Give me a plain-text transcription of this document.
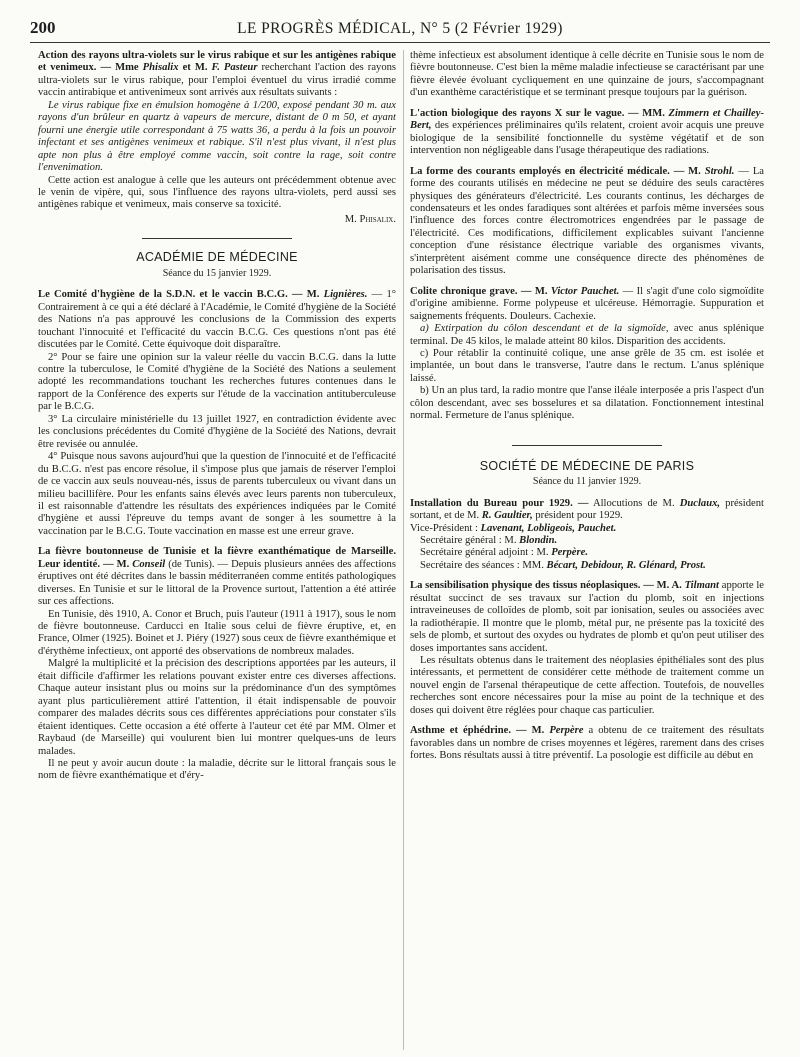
200	LE PROGRÈS MÉDICAL, N° 5 (2 Février 1929)

Action des rayons ultra-violets sur le virus rabique et sur les antigènes rabique et venimeux. — Mme Phisalix et M. F. Pasteur recherchant l'action des rayons ultra-violets sur le virus rabique, pour l'emploi éventuel du virus irradié comme vaccin antirabique et antivenimeux sont arrivés aux résultats suivants :

Le virus rabique fixe en émulsion homogène à 1/200, exposé pendant 30 m. aux rayons d'un brûleur en quartz à vapeurs de mercure, distant de 0 m 50, et ayant fourni une énergie utile correspondant à 75 watts 36, a perdu à la fois un pouvoir infectant et ses antigènes venimeux et rabique. S'il n'est plus vivant, il n'est plus apte non plus à être employé comme vaccin, soit contre la rage, soit contre l'envenimation.

Cette action est analogue à celle que les auteurs ont précédemment obtenue avec le venin de vipère, qui, sous l'influence des rayons ultra-violets, perd aussi ses antigènes rabique et venimeux, mais conserve sa toxicité.

M. Phisalix.

ACADÉMIE DE MÉDECINE

Séance du 15 janvier 1929.

Le Comité d'hygiène de la S.D.N. et le vaccin B.C.G. — M. Lignières. — 1° Contrairement à ce qui a été déclaré à l'Académie, le Comité d'hygiène de la Société des Nations n'a pas approuvé les conclusions de la Commission des experts touchant l'innocuité et l'efficacité du vaccin B.C.G. Ces questions n'ont pas été discutées par le Comité. Cette équivoque doit disparaître.

2° Pour se faire une opinion sur la valeur réelle du vaccin B.C.G. dans la lutte contre la tuberculose, le Comité d'hygiène de la Société des Nations a seulement adopté les recommandations touchant les recherches futures contenues dans le rapport de la Conférence des experts sur l'étude de la vaccination antituberculeuse par le B.C.G.

3° La circulaire ministérielle du 13 juillet 1927, en contradiction évidente avec les conclusions précédentes du Comité d'hygiène de la Société des Nations, devrait être revisée ou annulée.

4° Puisque nous savons aujourd'hui que la question de l'innocuité et de l'efficacité du B.C.G. n'est pas encore résolue, il s'impose plus que jamais de réserver l'emploi de ce vaccin aux seuls nouveau-nés, issus de parents tuberculeux ou vivant dans un milieu bacillifère. Pour les enfants sains élevés avec leurs parents non tuberculeux, il est raisonnable d'attendre les résultats des expériences indiquées par le Comité d'hygiène et aussi l'épreuve du temps avant de songer à les soumettre à la vaccination par le B.C.G. Toute vaccination en masse est une erreur grave.

La fièvre boutonneuse de Tunisie et la fièvre exanthématique de Marseille. Leur identité. — M. Conseil (de Tunis). — Depuis plusieurs années des affections éruptives ont été décrites dans le bassin méditerranéen comme entités pathologiques diverses. En Tunisie et sur le littoral de la Provence surtout, l'attention a été attirée sur ces affections.

En Tunisie, dès 1910, A. Conor et Bruch, puis l'auteur (1911 à 1917), sous le nom de fièvre boutonneuse. Carducci en Italie sous celui de fièvre éruptive, et, en France, Olmer (1925). Boinet et J. Piéry (1927) sous ceux de fièvre exanthémique et d'érythème infectieux, ont apporté des observations de nombreux malades.

Malgré la multiplicité et la précision des descriptions apportées par les auteurs, il était difficile d'affirmer les relations pouvant exister entre ces diverses affections. Chaque auteur insistant plus ou moins sur la prédominance d'un des symptômes ayant plus particulièrement attiré l'attention, il était indispensable de pouvoir comparer des malades décrits sous ces différentes appréciations pour constater s'ils étaient identiques. Cette occasion a été offerte à l'auteur cet été par MM. Olmer et Raybaud (de Marseille) qui voulurent bien lui montrer quelques-uns de leurs malades.

Il ne peut y avoir aucun doute : la maladie, décrite sur le littoral français sous le nom de fièvre exanthématique et d'éry-

thème infectieux est absolument identique à celle décrite en Tunisie sous le nom de fièvre boutonneuse. C'est bien la même maladie infectieuse se caractérisant par une fièvre élevée évoluant cycliquement en une quinzaine de jours, s'accompagnant d'un exanthème caractéristique et se terminant presque toujours par la guérison.

L'action biologique des rayons X sur le vague. — MM. Zimmern et Chailley-Bert, des expériences préliminaires qu'ils relatent, croient avoir acquis une preuve biologique de la sensibilité fonctionnelle du système végétatif et de son intervention non négligeable dans l'usage thérapeutique des radiations.

La forme des courants employés en électricité médicale. — M. Strohl. — La forme des courants utilisés en médecine ne peut se déduire des seuls caractères physiques des générateurs d'électricité. Les courants continus, les décharges de condensateurs et les ondes faradiques sont altérées et parfois même inversées sous l'influence des forces contre électromotrices engendrées par le passage de l'électricité. Ces modifications, difficilement explicables suivant l'ancienne conception d'une résistance électrique variable des organismes vivants, s'interprètent aisément comme une conséquence directe des phénomènes de polarisation des tissus.

Colite chronique grave. — M. Victor Pauchet. — Il s'agit d'une colo sigmoïdite d'origine amibienne. Forme polypeuse et ulcéreuse. Hémorragie. Suppuration et saignements fréquents. Douleurs. Cachexie.

a) Extirpation du côlon descendant et de la sigmoïde, avec anus splénique terminal. De 45 kilos, le malade atteint 80 kilos. Disparition des accidents.

c) Pour rétablir la continuité colique, une anse grêle de 35 cm. est isolée et implantée, un bout dans le transverse, l'autre dans le rectum. L'anus splénique laissé.

b) Un an plus tard, la radio montre que l'anse iléale interposée a pris l'aspect d'un côlon descendant, avec ses bosselures et sa dilatation. Fonctionnement intestinal normal. Fermeture de l'anus splénique.

SOCIÉTÉ DE MÉDECINE DE PARIS

Séance du 11 janvier 1929.

Installation du Bureau pour 1929. — Allocutions de M. Duclaux, président sortant, et de M. R. Gaultier, président pour 1929.

Vice-Président : Lavenant, Lobligeois, Pauchet.

Secrétaire général : M. Blondin.

Secrétaire général adjoint : M. Perpère.

Secrétaire des séances : MM. Bécart, Debidour, R. Glénard, Prost.

La sensibilisation physique des tissus néoplasiques. — M. A. Tilmant apporte le résultat succinct de ses travaux sur l'action du plomb, soit en injections intraveineuses de colloïdes de plomb, soit par ionisation, seules ou associées avec la radiothérapie. Il montre que le plomb, métal pur, ne présente pas la toxicité des sels de plomb, et surtout des oxydes ou hydrates de plomb et qu'on peut utiliser des doses importantes sans accident.

Les résultats obtenus dans le traitement des néoplasies épithéliales sont des plus intéressants, et permettent de considérer cette méthode de traitement comme un nouvel engin de l'arsenal thérapeutique de cette affection. Toutefois, de nouvelles recherches sont encore nécessaires pour la mise au point de la technique et des doses qui doivent être réglées pour chaque cas particulier.

Asthme et éphédrine. — M. Perpère a obtenu de ce traitement des résultats favorables dans un nombre de crises moyennes et légères, rarement dans des crises fortes. Bons résultats aussi à titre préventif. La posologie est difficile au début en
